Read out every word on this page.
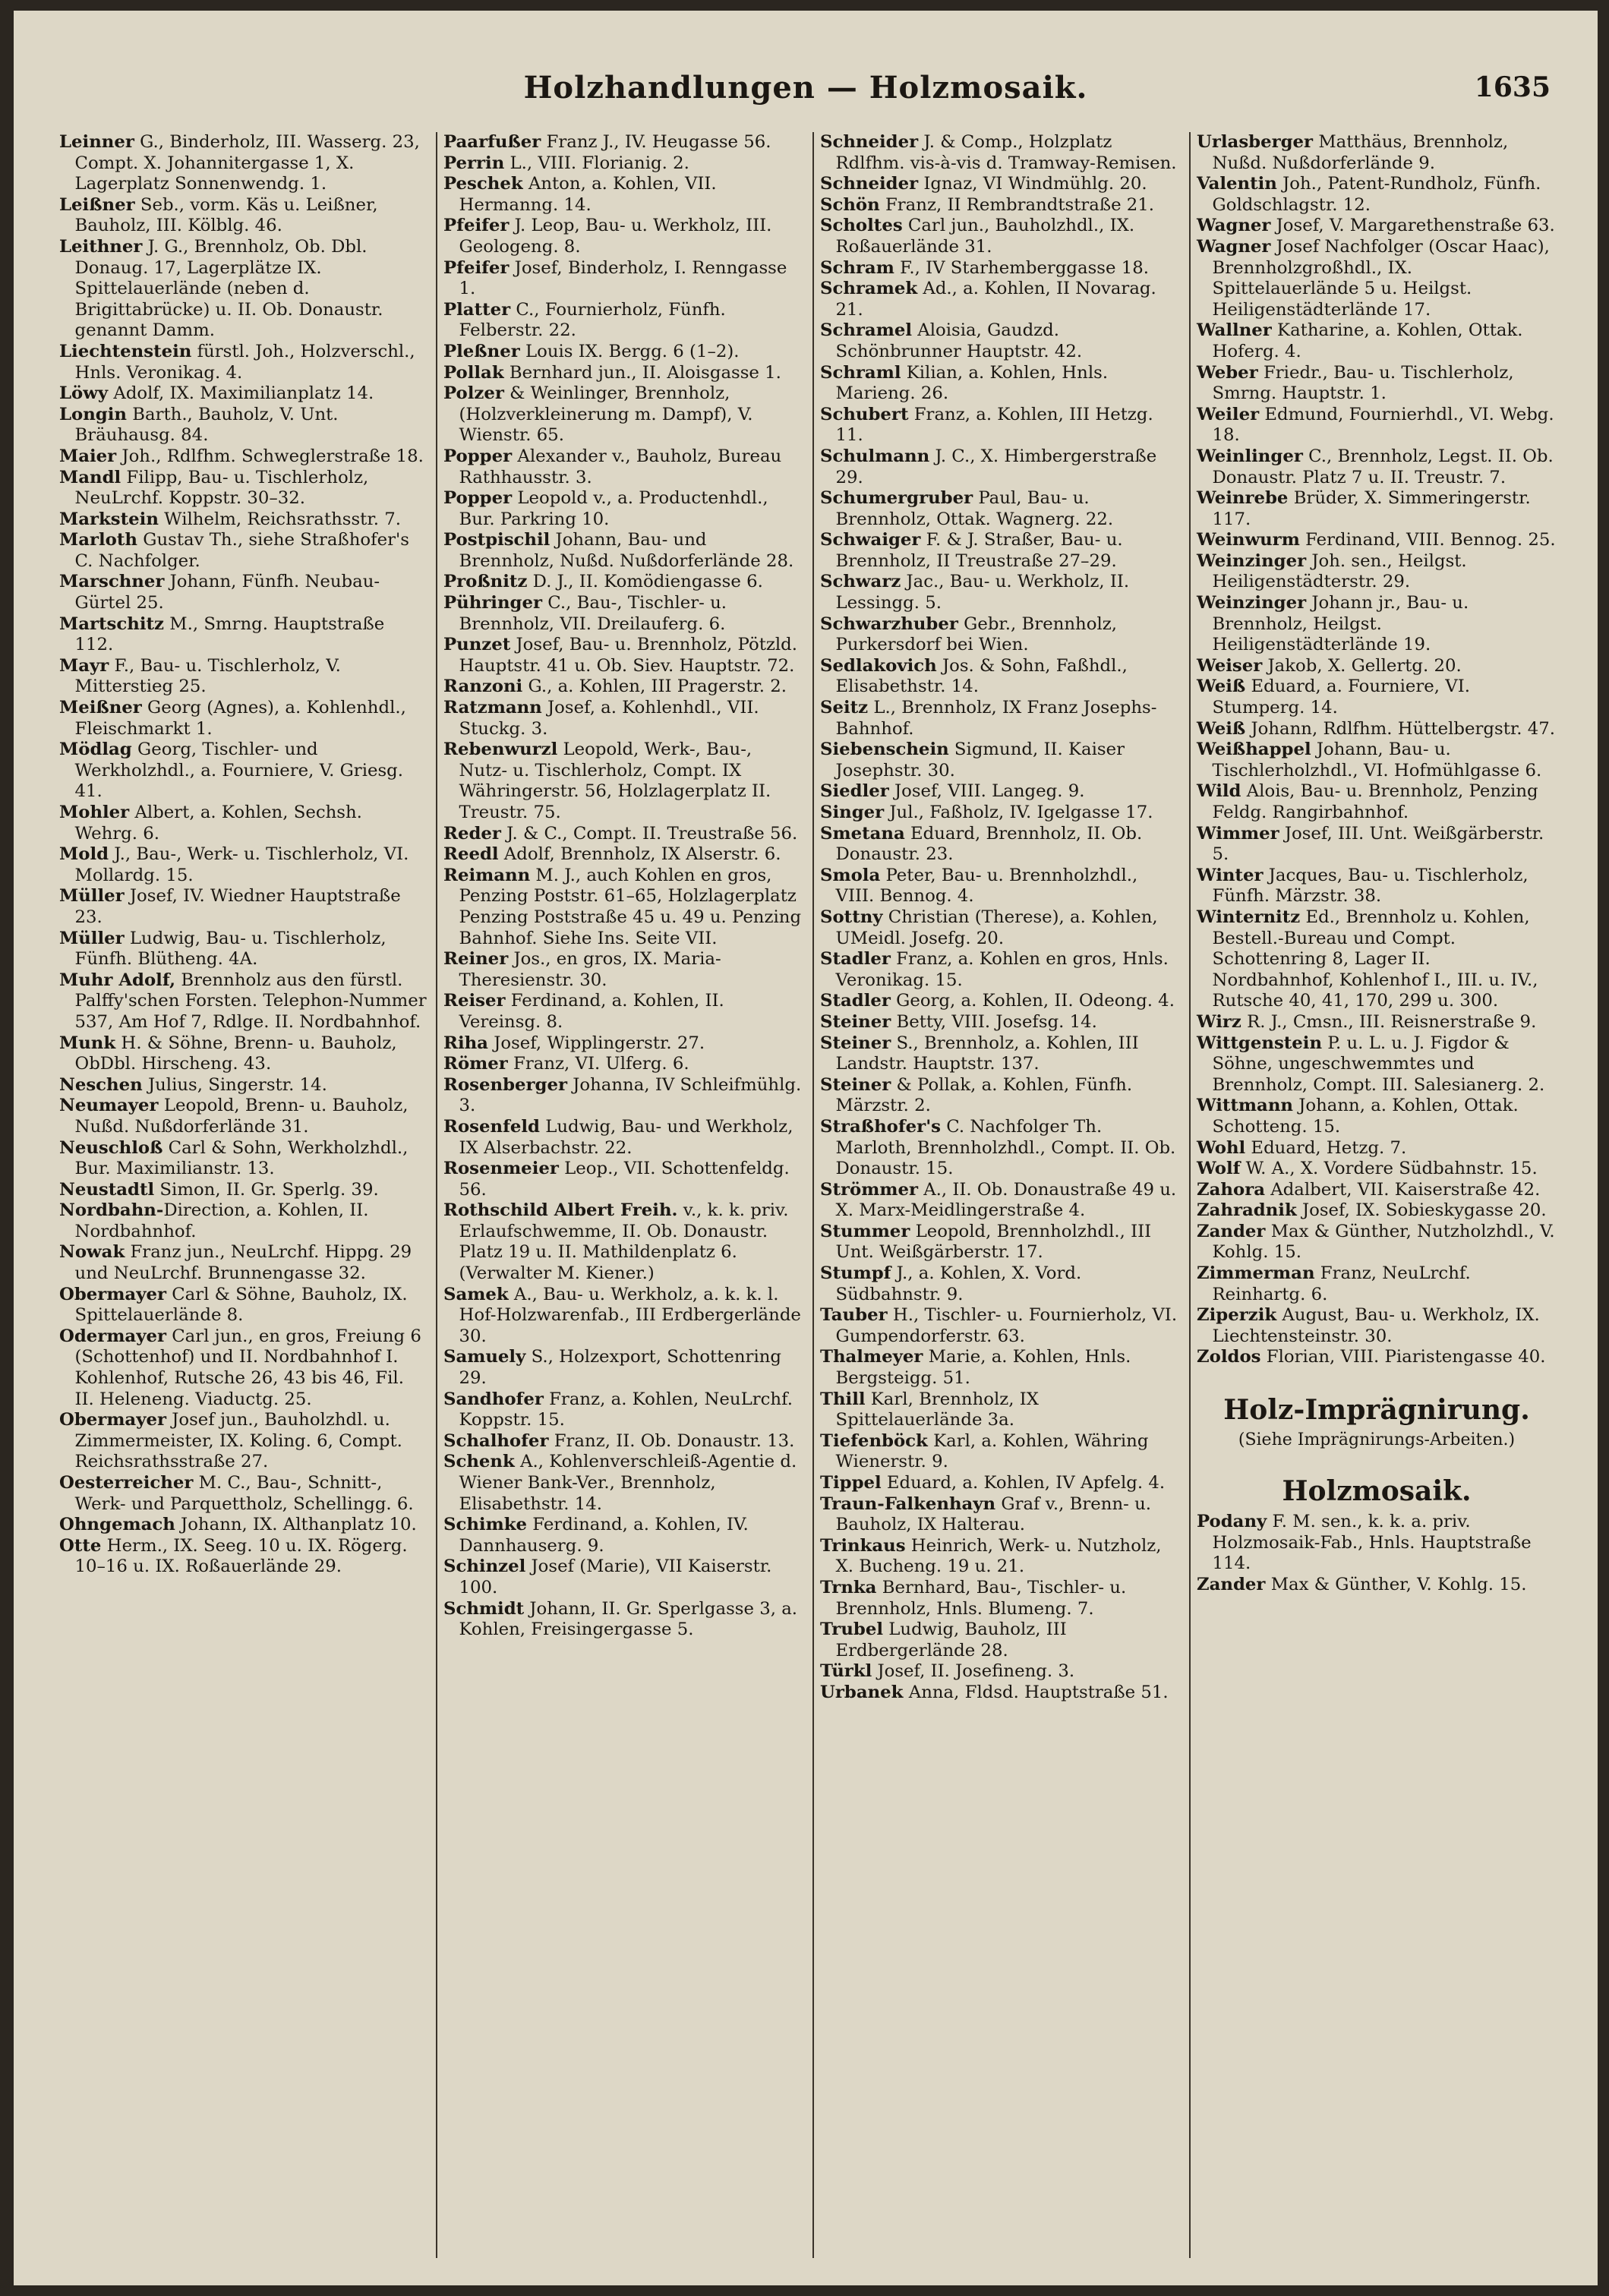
Holzhandlungen — Holzmosaik.	1635

Leinner G., Binderholz, III. Wasserg. 23, Compt. X. Johannitergasse 1, X. Lagerplatz Sonnenwendg. 1.

Leißner Seb., vorm. Käs u. Leißner, Bauholz, III. Kölblg. 46.

Leithner J. G., Brennholz, Ob. Dbl. Donaug. 17, Lagerplätze IX. Spittelauerlände (neben d. Brigittabrücke) u. II. Ob. Donaustr. genannt Damm.

Liechtenstein fürstl. Joh., Holzverschl., Hnls. Veronikag. 4.

Löwy Adolf, IX. Maximilianplatz 14.

Longin Barth., Bauholz, V. Unt. Bräuhausg. 84.

Maier Joh., Rdlfhm. Schweglerstraße 18.

Mandl Filipp, Bau- u. Tischlerholz, NeuLrchf. Koppstr. 30–32.

Markstein Wilhelm, Reichsrathsstr. 7.

Marloth Gustav Th., siehe Straßhofer's C. Nachfolger.

Marschner Johann, Fünfh. Neubau-Gürtel 25.

Martschitz M., Smrng. Hauptstraße 112.

Mayr F., Bau- u. Tischlerholz, V. Mitterstieg 25.

Meißner Georg (Agnes), a. Kohlenhdl., Fleischmarkt 1.

Mödlag Georg, Tischler- und Werkholzhdl., a. Fourniere, V. Griesg. 41.

Mohler Albert, a. Kohlen, Sechsh. Wehrg. 6.

Mold J., Bau-, Werk- u. Tischlerholz, VI. Mollardg. 15.

Müller Josef, IV. Wiedner Hauptstraße 23.

Müller Ludwig, Bau- u. Tischlerholz, Fünfh. Blütheng. 4A.

Muhr Adolf, Brennholz aus den fürstl. Palffy'schen Forsten. Telephon-Nummer 537, Am Hof 7, Rdlge. II. Nordbahnhof.

Munk H. & Söhne, Brenn- u. Bauholz, ObDbl. Hirscheng. 43.

Neschen Julius, Singerstr. 14.

Neumayer Leopold, Brenn- u. Bauholz, Nußd. Nußdorferlände 31.

Neuschloß Carl & Sohn, Werkholzhdl., Bur. Maximilianstr. 13.

Neustadtl Simon, II. Gr. Sperlg. 39.

Nordbahn-Direction, a. Kohlen, II. Nordbahnhof.

Nowak Franz jun., NeuLrchf. Hippg. 29 und NeuLrchf. Brunnengasse 32.

Obermayer Carl & Söhne, Bauholz, IX. Spittelauerlände 8.

Odermayer Carl jun., en gros, Freiung 6 (Schottenhof) und II. Nordbahnhof I. Kohlenhof, Rutsche 26, 43 bis 46, Fil. II. Heleneng. Viaductg. 25.

Obermayer Josef jun., Bauholzhdl. u. Zimmermeister, IX. Koling. 6, Compt. Reichsrathsstraße 27.

Oesterreicher M. C., Bau-, Schnitt-, Werk- und Parquettholz, Schellingg. 6.

Ohngemach Johann, IX. Althanplatz 10.

Otte Herm., IX. Seeg. 10 u. IX. Rögerg. 10–16 u. IX. Roßauerlände 29.

Paarfußer Franz J., IV. Heugasse 56.

Perrin L., VIII. Florianig. 2.

Peschek Anton, a. Kohlen, VII. Hermanng. 14.

Pfeifer J. Leop, Bau- u. Werkholz, III. Geologeng. 8.

Pfeifer Josef, Binderholz, I. Renngasse 1.

Platter C., Fournierholz, Fünfh. Felberstr. 22.

Pleßner Louis IX. Bergg. 6 (1–2).

Pollak Bernhard jun., II. Aloisgasse 1.

Polzer & Weinlinger, Brennholz, (Holzverkleinerung m. Dampf), V. Wienstr. 65.

Popper Alexander v., Bauholz, Bureau Rathhausstr. 3.

Popper Leopold v., a. Productenhdl., Bur. Parkring 10.

Postpischil Johann, Bau- und Brennholz, Nußd. Nußdorferlände 28.

Proßnitz D. J., II. Komödiengasse 6.

Pühringer C., Bau-, Tischler- u. Brennholz, VII. Dreilauferg. 6.

Punzet Josef, Bau- u. Brennholz, Pötzld. Hauptstr. 41 u. Ob. Siev. Hauptstr. 72.

Ranzoni G., a. Kohlen, III Pragerstr. 2.

Ratzmann Josef, a. Kohlenhdl., VII. Stuckg. 3.

Rebenwurzl Leopold, Werk-, Bau-, Nutz- u. Tischlerholz, Compt. IX Währingerstr. 56, Holzlagerplatz II. Treustr. 75.

Reder J. & C., Compt. II. Treustraße 56.

Reedl Adolf, Brennholz, IX Alserstr. 6.

Reimann M. J., auch Kohlen en gros, Penzing Poststr. 61–65, Holzlagerplatz Penzing Poststraße 45 u. 49 u. Penzing Bahnhof. Siehe Ins. Seite VII.

Reiner Jos., en gros, IX. Maria-Theresienstr. 30.

Reiser Ferdinand, a. Kohlen, II. Vereinsg. 8.

Riha Josef, Wipplingerstr. 27.

Römer Franz, VI. Ulferg. 6.

Rosenberger Johanna, IV Schleifmühlg. 3.

Rosenfeld Ludwig, Bau- und Werkholz, IX Alserbachstr. 22.

Rosenmeier Leop., VII. Schottenfeldg. 56.

Rothschild Albert Freih. v., k. k. priv. Erlaufschwemme, II. Ob. Donaustr. Platz 19 u. II. Mathildenplatz 6. (Verwalter M. Kiener.)

Samek A., Bau- u. Werkholz, a. k. k. l. Hof-Holzwarenfab., III Erdbergerlände 30.

Samuely S., Holzexport, Schottenring 29.

Sandhofer Franz, a. Kohlen, NeuLrchf. Koppstr. 15.

Schalhofer Franz, II. Ob. Donaustr. 13.

Schenk A., Kohlenverschleiß-Agentie d. Wiener Bank-Ver., Brennholz, Elisabethstr. 14.

Schimke Ferdinand, a. Kohlen, IV. Dannhauserg. 9.

Schinzel Josef (Marie), VII Kaiserstr. 100.

Schmidt Johann, II. Gr. Sperlgasse 3, a. Kohlen, Freisingergasse 5.

Schneider J. & Comp., Holzplatz Rdlfhm. vis-à-vis d. Tramway-Remisen.

Schneider Ignaz, VI Windmühlg. 20.

Schön Franz, II Rembrandtstraße 21.

Scholtes Carl jun., Bauholzhdl., IX. Roßauerlände 31.

Schram F., IV Starhemberggasse 18.

Schramek Ad., a. Kohlen, II Novarag. 21.

Schramel Aloisia, Gaudzd. Schönbrunner Hauptstr. 42.

Schraml Kilian, a. Kohlen, Hnls. Marieng. 26.

Schubert Franz, a. Kohlen, III Hetzg. 11.

Schulmann J. C., X. Himbergerstraße 29.

Schumergruber Paul, Bau- u. Brennholz, Ottak. Wagnerg. 22.

Schwaiger F. & J. Straßer, Bau- u. Brennholz, II Treustraße 27–29.

Schwarz Jac., Bau- u. Werkholz, II. Lessingg. 5.

Schwarzhuber Gebr., Brennholz, Purkersdorf bei Wien.

Sedlakovich Jos. & Sohn, Faßhdl., Elisabethstr. 14.

Seitz L., Brennholz, IX Franz Josephs-Bahnhof.

Siebenschein Sigmund, II. Kaiser Josephstr. 30.

Siedler Josef, VIII. Langeg. 9.

Singer Jul., Faßholz, IV. Igelgasse 17.

Smetana Eduard, Brennholz, II. Ob. Donaustr. 23.

Smola Peter, Bau- u. Brennholzhdl., VIII. Bennog. 4.

Sottny Christian (Therese), a. Kohlen, UMeidl. Josefg. 20.

Stadler Franz, a. Kohlen en gros, Hnls. Veronikag. 15.

Stadler Georg, a. Kohlen, II. Odeong. 4.

Steiner Betty, VIII. Josefsg. 14.

Steiner S., Brennholz, a. Kohlen, III Landstr. Hauptstr. 137.

Steiner & Pollak, a. Kohlen, Fünfh. Märzstr. 2.

Straßhofer's C. Nachfolger Th. Marloth, Brennholzhdl., Compt. II. Ob. Donaustr. 15.

Strömmer A., II. Ob. Donaustraße 49 u. X. Marx-Meidlingerstraße 4.

Stummer Leopold, Brennholzhdl., III Unt. Weißgärberstr. 17.

Stumpf J., a. Kohlen, X. Vord. Südbahnstr. 9.

Tauber H., Tischler- u. Fournierholz, VI. Gumpendorferstr. 63.

Thalmeyer Marie, a. Kohlen, Hnls. Bergsteigg. 51.

Thill Karl, Brennholz, IX Spittelauerlände 3a.

Tiefenböck Karl, a. Kohlen, Währing Wienerstr. 9.

Tippel Eduard, a. Kohlen, IV Apfelg. 4.

Traun-Falkenhayn Graf v., Brenn- u. Bauholz, IX Halterau.

Trinkaus Heinrich, Werk- u. Nutzholz, X. Bucheng. 19 u. 21.

Trnka Bernhard, Bau-, Tischler- u. Brennholz, Hnls. Blumeng. 7.

Trubel Ludwig, Bauholz, III Erdbergerlände 28.

Türkl Josef, II. Josefineng. 3.

Urbanek Anna, Fldsd. Hauptstraße 51.

Urlasberger Matthäus, Brennholz, Nußd. Nußdorferlände 9.

Valentin Joh., Patent-Rundholz, Fünfh. Goldschlagstr. 12.

Wagner Josef, V. Margarethenstraße 63.

Wagner Josef Nachfolger (Oscar Haac), Brennholzgroßhdl., IX. Spittelauerlände 5 u. Heilgst. Heiligenstädterlände 17.

Wallner Katharine, a. Kohlen, Ottak. Hoferg. 4.

Weber Friedr., Bau- u. Tischlerholz, Smrng. Hauptstr. 1.

Weiler Edmund, Fournierhdl., VI. Webg. 18.

Weinlinger C., Brennholz, Legst. II. Ob. Donaustr. Platz 7 u. II. Treustr. 7.

Weinrebe Brüder, X. Simmeringerstr. 117.

Weinwurm Ferdinand, VIII. Bennog. 25.

Weinzinger Joh. sen., Heilgst. Heiligenstädterstr. 29.

Weinzinger Johann jr., Bau- u. Brennholz, Heilgst. Heiligenstädterlände 19.

Weiser Jakob, X. Gellertg. 20.

Weiß Eduard, a. Fourniere, VI. Stumperg. 14.

Weiß Johann, Rdlfhm. Hüttelbergstr. 47.

Weißhappel Johann, Bau- u. Tischlerholzhdl., VI. Hofmühlgasse 6.

Wild Alois, Bau- u. Brennholz, Penzing Feldg. Rangirbahnhof.

Wimmer Josef, III. Unt. Weißgärberstr. 5.

Winter Jacques, Bau- u. Tischlerholz, Fünfh. Märzstr. 38.

Winternitz Ed., Brennholz u. Kohlen, Bestell.-Bureau und Compt. Schottenring 8, Lager II. Nordbahnhof, Kohlenhof I., III. u. IV., Rutsche 40, 41, 170, 299 u. 300.

Wirz R. J., Cmsn., III. Reisnerstraße 9.

Wittgenstein P. u. L. u. J. Figdor & Söhne, ungeschwemmtes und Brennholz, Compt. III. Salesianerg. 2.

Wittmann Johann, a. Kohlen, Ottak. Schotteng. 15.

Wohl Eduard, Hetzg. 7.

Wolf W. A., X. Vordere Südbahnstr. 15.

Zahora Adalbert, VII. Kaiserstraße 42.

Zahradnik Josef, IX. Sobieskygasse 20.

Zander Max & Günther, Nutzholzhdl., V. Kohlg. 15.

Zimmerman Franz, NeuLrchf. Reinhartg. 6.

Ziperzik August, Bau- u. Werkholz, IX. Liechtensteinstr. 30.

Zoldos Florian, VIII. Piaristengasse 40.

Holz-Imprägnirung.
(Siehe Imprägnirungs-Arbeiten.)
Holzmosaik.

Podany F. M. sen., k. k. a. priv. Holzmosaik-Fab., Hnls. Hauptstraße 114.

Zander Max & Günther, V. Kohlg. 15.
